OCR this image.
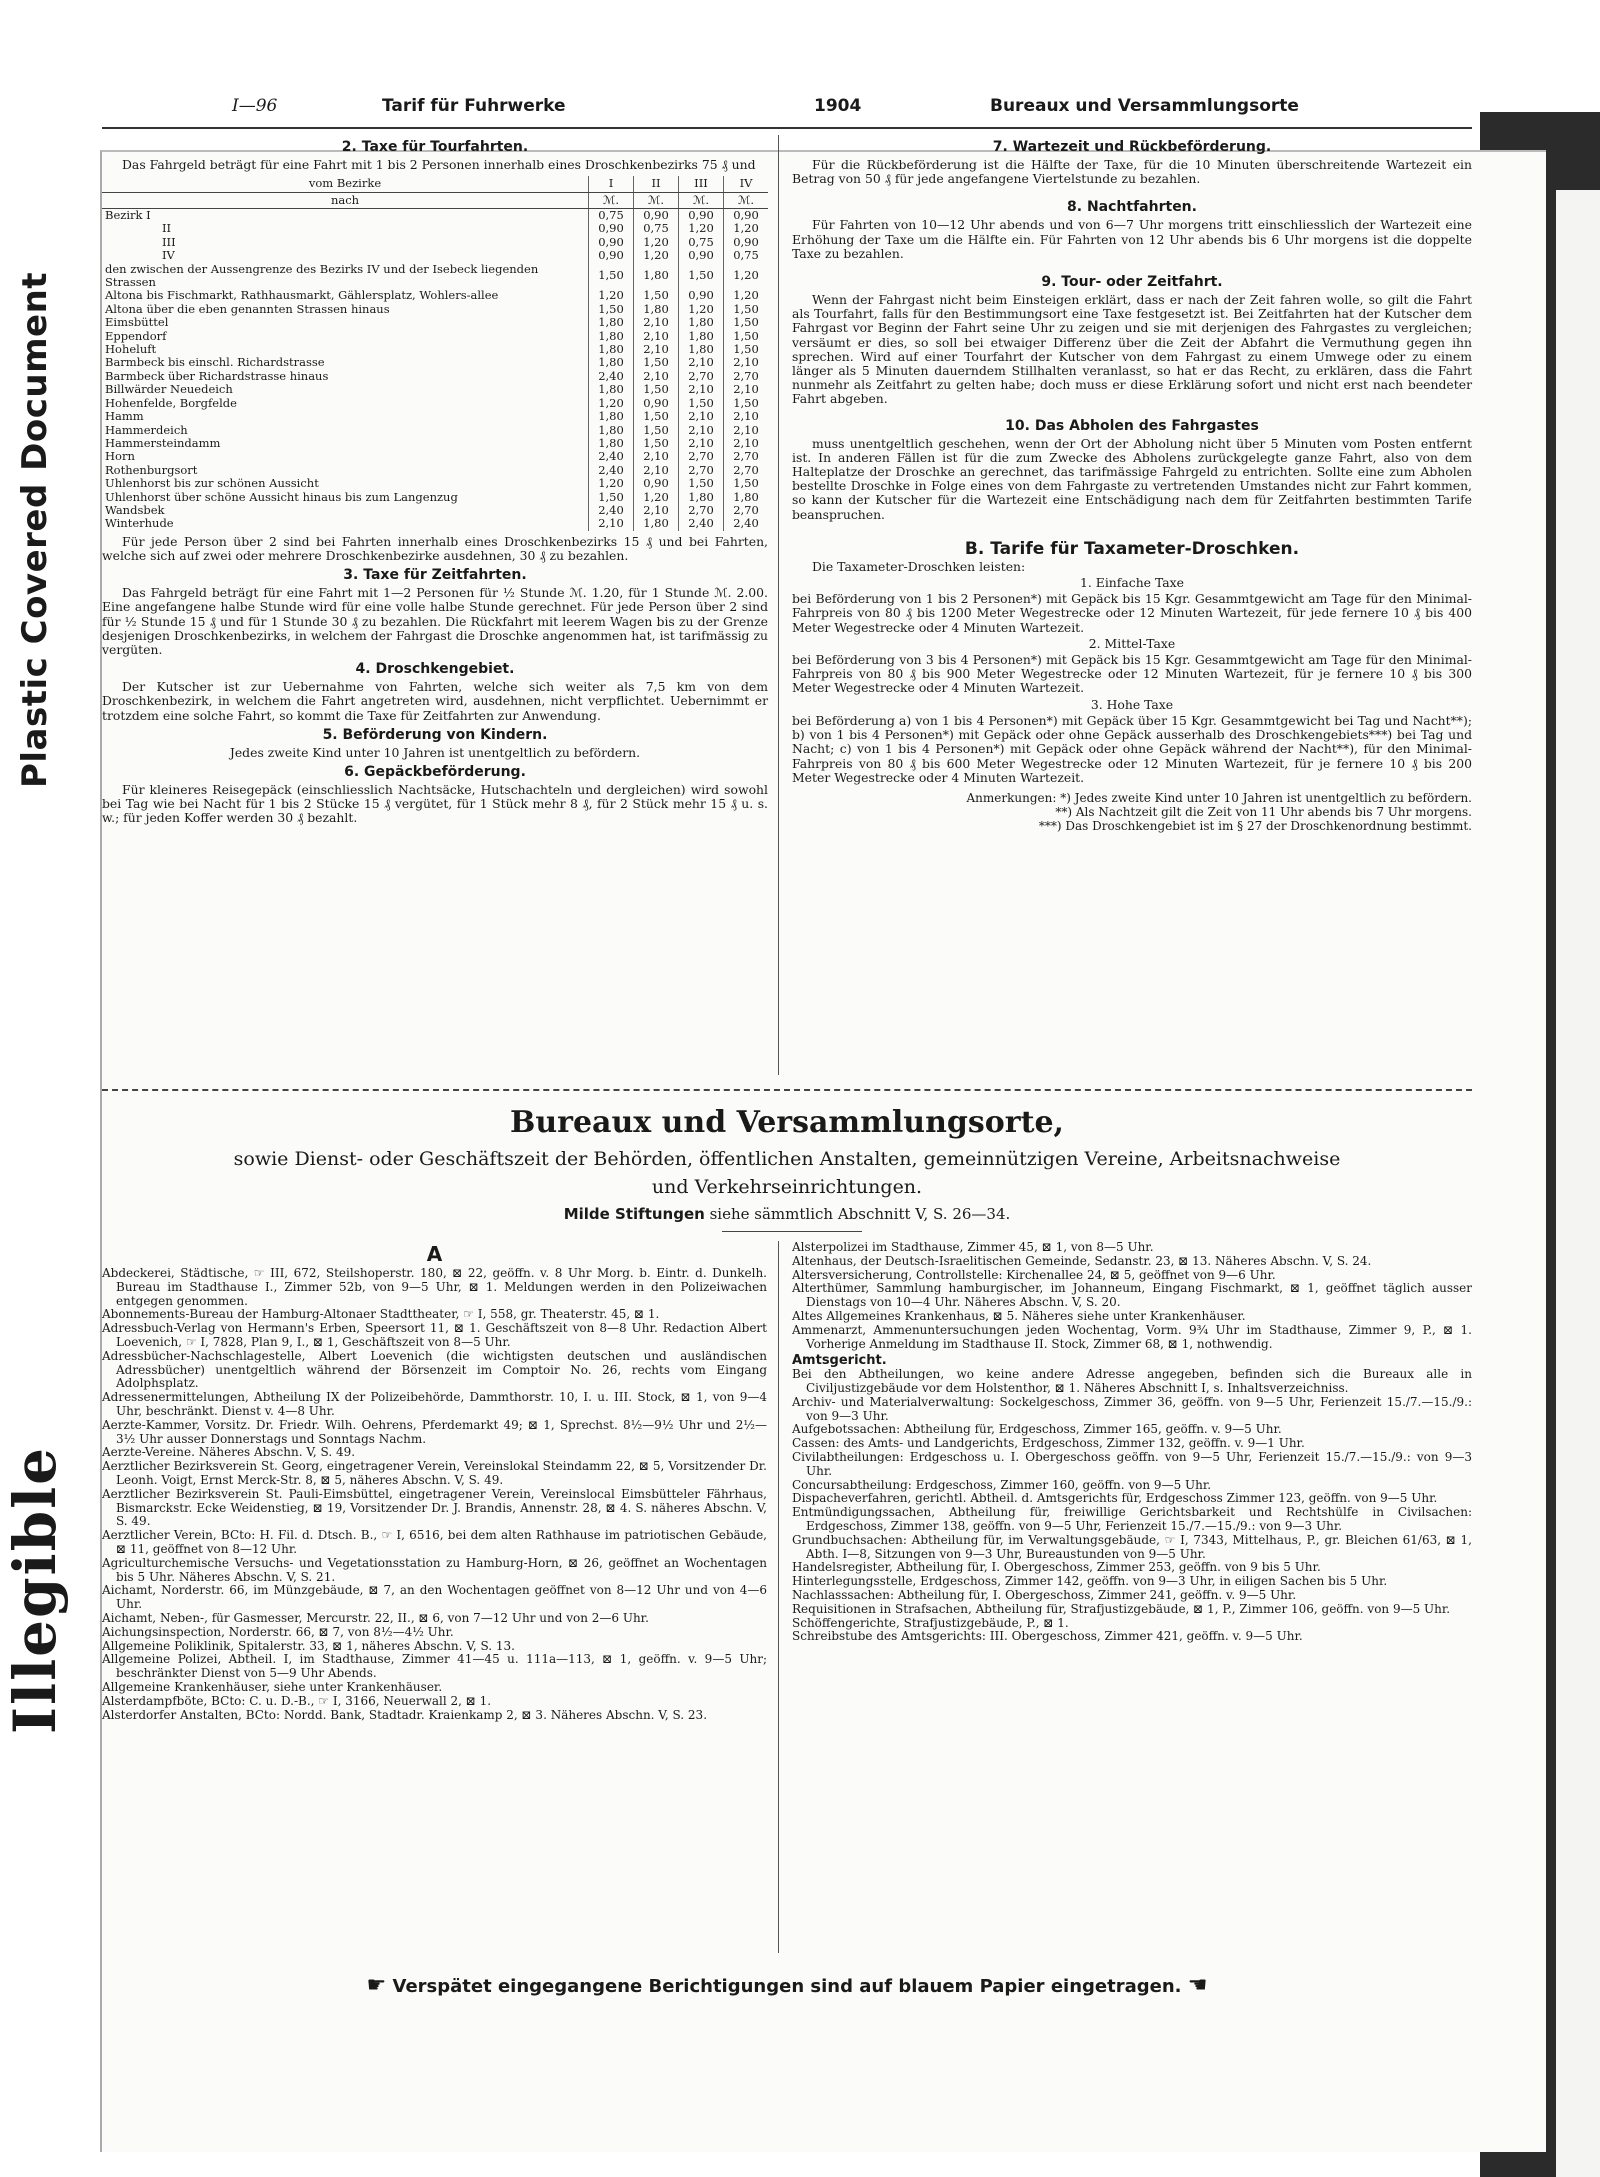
Plastic Covered Document
Illegible
I—96	Tarif für Fuhrwerke	1904	Bureaux und Versammlungsorte
2. Taxe für Tourfahrten.

Das Fahrgeld beträgt für eine Fahrt mit 1 bis 2 Personen innerhalb eines Droschkenbezirks 75 ₰ und

vom Bezirke	I	II	III	IV
nach	ℳ.	ℳ.	ℳ.	ℳ.
Bezirk I	0,75	0,90	0,90	0,90
II	0,90	0,75	1,20	1,20
III	0,90	1,20	0,75	0,90
IV	0,90	1,20	0,90	0,75
den zwischen der Aussengrenze des Bezirks IV und der Isebeck liegenden Strassen	1,50	1,80	1,50	1,20
Altona bis Fischmarkt, Rathhausmarkt, Gählersplatz, Wohlers-allee	1,20	1,50	0,90	1,20
Altona über die eben genannten Strassen hinaus	1,50	1,80	1,20	1,50
Eimsbüttel	1,80	2,10	1,80	1,50
Eppendorf	1,80	2,10	1,80	1,50
Hoheluft	1,80	2,10	1,80	1,50
Barmbeck bis einschl. Richardstrasse	1,80	1,50	2,10	2,10
Barmbeck über Richardstrasse hinaus	2,40	2,10	2,70	2,70
Billwärder Neuedeich	1,80	1,50	2,10	2,10
Hohenfelde, Borgfelde	1,20	0,90	1,50	1,50
Hamm	1,80	1,50	2,10	2,10
Hammerdeich	1,80	1,50	2,10	2,10
Hammersteindamm	1,80	1,50	2,10	2,10
Horn	2,40	2,10	2,70	2,70
Rothenburgsort	2,40	2,10	2,70	2,70
Uhlenhorst bis zur schönen Aussicht	1,20	0,90	1,50	1,50
Uhlenhorst über schöne Aussicht hinaus bis zum Langenzug	1,50	1,20	1,80	1,80
Wandsbek	2,40	2,10	2,70	2,70
Winterhude	2,10	1,80	2,40	2,40

Für jede Person über 2 sind bei Fahrten innerhalb eines Droschkenbezirks 15 ₰ und bei Fahrten, welche sich auf zwei oder mehrere Droschkenbezirke ausdehnen, 30 ₰ zu bezahlen.

3. Taxe für Zeitfahrten.

Das Fahrgeld beträgt für eine Fahrt mit 1—2 Personen für ½ Stunde ℳ. 1.20, für 1 Stunde ℳ. 2.00. Eine angefangene halbe Stunde wird für eine volle halbe Stunde gerechnet. Für jede Person über 2 sind für ½ Stunde 15 ₰ und für 1 Stunde 30 ₰ zu bezahlen. Die Rückfahrt mit leerem Wagen bis zu der Grenze desjenigen Droschkenbezirks, in welchem der Fahrgast die Droschke angenommen hat, ist tarifmässig zu vergüten.

4. Droschkengebiet.

Der Kutscher ist zur Uebernahme von Fahrten, welche sich weiter als 7,5 km von dem Droschkenbezirk, in welchem die Fahrt angetreten wird, ausdehnen, nicht verpflichtet. Uebernimmt er trotzdem eine solche Fahrt, so kommt die Taxe für Zeitfahrten zur Anwendung.

5. Beförderung von Kindern.

Jedes zweite Kind unter 10 Jahren ist unentgeltlich zu befördern.

6. Gepäckbeförderung.

Für kleineres Reisegepäck (einschliesslich Nachtsäcke, Hutschachteln und dergleichen) wird sowohl bei Tag wie bei Nacht für 1 bis 2 Stücke 15 ₰ vergütet, für 1 Stück mehr 8 ₰, für 2 Stück mehr 15 ₰ u. s. w.; für jeden Koffer werden 30 ₰ bezahlt.

7. Wartezeit und Rückbeförderung.

Für die Rückbeförderung ist die Hälfte der Taxe, für die 10 Minuten überschreitende Wartezeit ein Betrag von 50 ₰ für jede angefangene Viertelstunde zu bezahlen.

8. Nachtfahrten.

Für Fahrten von 10—12 Uhr abends und von 6—7 Uhr morgens tritt einschliesslich der Wartezeit eine Erhöhung der Taxe um die Hälfte ein. Für Fahrten von 12 Uhr abends bis 6 Uhr morgens ist die doppelte Taxe zu bezahlen.

9. Tour- oder Zeitfahrt.

Wenn der Fahrgast nicht beim Einsteigen erklärt, dass er nach der Zeit fahren wolle, so gilt die Fahrt als Tourfahrt, falls für den Bestimmungsort eine Taxe festgesetzt ist. Bei Zeitfahrten hat der Kutscher dem Fahrgast vor Beginn der Fahrt seine Uhr zu zeigen und sie mit derjenigen des Fahrgastes zu vergleichen; versäumt er dies, so soll bei etwaiger Differenz über die Zeit der Abfahrt die Vermuthung gegen ihn sprechen. Wird auf einer Tourfahrt der Kutscher von dem Fahrgast zu einem Umwege oder zu einem länger als 5 Minuten dauerndem Stillhalten veranlasst, so hat er das Recht, zu erklären, dass die Fahrt nunmehr als Zeitfahrt zu gelten habe; doch muss er diese Erklärung sofort und nicht erst nach beendeter Fahrt abgeben.

10. Das Abholen des Fahrgastes

muss unentgeltlich geschehen, wenn der Ort der Abholung nicht über 5 Minuten vom Posten entfernt ist. In anderen Fällen ist für die zum Zwecke des Abholens zurückgelegte ganze Fahrt, also von dem Halteplatze der Droschke an gerechnet, das tarifmässige Fahrgeld zu entrichten. Sollte eine zum Abholen bestellte Droschke in Folge eines von dem Fahrgaste zu vertretenden Umstandes nicht zur Fahrt kommen, so kann der Kutscher für die Wartezeit eine Entschädigung nach dem für Zeitfahrten bestimmten Tarife beanspruchen.

B. Tarife für Taxameter-Droschken.

Die Taxameter-Droschken leisten:

1. Einfache Taxe

bei Beförderung von 1 bis 2 Personen*) mit Gepäck bis 15 Kgr. Gesammtgewicht am Tage für den Minimal-Fahrpreis von 80 ₰ bis 1200 Meter Wegestrecke oder 12 Minuten Wartezeit, für jede fernere 10 ₰ bis 400 Meter Wegestrecke oder 4 Minuten Wartezeit.

2. Mittel-Taxe

bei Beförderung von 3 bis 4 Personen*) mit Gepäck bis 15 Kgr. Gesammtgewicht am Tage für den Minimal-Fahrpreis von 80 ₰ bis 900 Meter Wegestrecke oder 12 Minuten Wartezeit, für je fernere 10 ₰ bis 300 Meter Wegestrecke oder 4 Minuten Wartezeit.

3. Hohe Taxe

bei Beförderung a) von 1 bis 4 Personen*) mit Gepäck über 15 Kgr. Gesammtgewicht bei Tag und Nacht**); b) von 1 bis 4 Personen*) mit Gepäck oder ohne Gepäck ausserhalb des Droschkengebiets***) bei Tag und Nacht; c) von 1 bis 4 Personen*) mit Gepäck oder ohne Gepäck während der Nacht**), für den Minimal-Fahrpreis von 80 ₰ bis 600 Meter Wegestrecke oder 12 Minuten Wartezeit, für je fernere 10 ₰ bis 200 Meter Wegestrecke oder 4 Minuten Wartezeit.

Anmerkungen: *) Jedes zweite Kind unter 10 Jahren ist unentgeltlich zu befördern.
**) Als Nachtzeit gilt die Zeit von 11 Uhr abends bis 7 Uhr morgens.
***) Das Droschkengebiet ist im § 27 der Droschkenordnung bestimmt.
Bureaux und Versammlungsorte,
sowie Dienst- oder Geschäftszeit der Behörden, öffentlichen Anstalten, gemeinnützigen Vereine, Arbeitsnachweise
und Verkehrseinrichtungen.
Milde Stiftungen siehe sämmtlich Abschnitt V, S. 26—34.
A

Abdeckerei, Städtische, ☞ III, 672, Steilshoperstr. 180, ⊠ 22, geöffn. v. 8 Uhr Morg. b. Eintr. d. Dunkelh. Bureau im Stadthause I., Zimmer 52b, von 9—5 Uhr, ⊠ 1. Meldungen werden in den Polizeiwachen entgegen genommen.

Abonnements-Bureau der Hamburg-Altonaer Stadttheater, ☞ I, 558, gr. Theaterstr. 45, ⊠ 1.

Adressbuch-Verlag von Hermann's Erben, Speersort 11, ⊠ 1. Geschäftszeit von 8—8 Uhr. Redaction Albert Loevenich, ☞ I, 7828, Plan 9, I., ⊠ 1, Geschäftszeit von 8—5 Uhr.

Adressbücher-Nachschlagestelle, Albert Loevenich (die wichtigsten deutschen und ausländischen Adressbücher) unentgeltlich während der Börsenzeit im Comptoir No. 26, rechts vom Eingang Adolphsplatz.

Adressenermittelungen, Abtheilung IX der Polizeibehörde, Dammthorstr. 10, I. u. III. Stock, ⊠ 1, von 9—4 Uhr, beschränkt. Dienst v. 4—8 Uhr.

Aerzte-Kammer, Vorsitz. Dr. Friedr. Wilh. Oehrens, Pferdemarkt 49; ⊠ 1, Sprechst. 8½—9½ Uhr und 2½—3½ Uhr ausser Donnerstags und Sonntags Nachm.

Aerzte-Vereine. Näheres Abschn. V, S. 49.

Aerztlicher Bezirksverein St. Georg, eingetragener Verein, Vereinslokal Steindamm 22, ⊠ 5, Vorsitzender Dr. Leonh. Voigt, Ernst Merck-Str. 8, ⊠ 5, näheres Abschn. V, S. 49.

Aerztlicher Bezirksverein St. Pauli-Eimsbüttel, eingetragener Verein, Vereinslocal Eimsbütteler Fährhaus, Bismarckstr. Ecke Weidenstieg, ⊠ 19, Vorsitzender Dr. J. Brandis, Annenstr. 28, ⊠ 4. S. näheres Abschn. V, S. 49.

Aerztlicher Verein, BCto: H. Fil. d. Dtsch. B., ☞ I, 6516, bei dem alten Rathhause im patriotischen Gebäude, ⊠ 11, geöffnet von 8—12 Uhr.

Agriculturchemische Versuchs- und Vegetationsstation zu Hamburg-Horn, ⊠ 26, geöffnet an Wochentagen bis 5 Uhr. Näheres Abschn. V, S. 21.

Aichamt, Norderstr. 66, im Münzgebäude, ⊠ 7, an den Wochentagen geöffnet von 8—12 Uhr und von 4—6 Uhr.

Aichamt, Neben-, für Gasmesser, Mercurstr. 22, II., ⊠ 6, von 7—12 Uhr und von 2—6 Uhr.

Aichungsinspection, Norderstr. 66, ⊠ 7, von 8½—4½ Uhr.

Allgemeine Poliklinik, Spitalerstr. 33, ⊠ 1, näheres Abschn. V, S. 13.

Allgemeine Polizei, Abtheil. I, im Stadthause, Zimmer 41—45 u. 111a—113, ⊠ 1, geöffn. v. 9—5 Uhr; beschränkter Dienst von 5—9 Uhr Abends.

Allgemeine Krankenhäuser, siehe unter Krankenhäuser.

Alsterdampfböte, BCto: C. u. D.-B., ☞ I, 3166, Neuerwall 2, ⊠ 1.

Alsterdorfer Anstalten, BCto: Nordd. Bank, Stadtadr. Kraienkamp 2, ⊠ 3. Näheres Abschn. V, S. 23.

Alsterpolizei im Stadthause, Zimmer 45, ⊠ 1, von 8—5 Uhr.

Altenhaus, der Deutsch-Israelitischen Gemeinde, Sedanstr. 23, ⊠ 13. Näheres Abschn. V, S. 24.

Altersversicherung, Controllstelle: Kirchenallee 24, ⊠ 5, geöffnet von 9—6 Uhr.

Alterthümer, Sammlung hamburgischer, im Johanneum, Eingang Fischmarkt, ⊠ 1, geöffnet täglich ausser Dienstags von 10—4 Uhr. Näheres Abschn. V, S. 20.

Altes Allgemeines Krankenhaus, ⊠ 5. Näheres siehe unter Krankenhäuser.

Ammenarzt, Ammenuntersuchungen jeden Wochentag, Vorm. 9¾ Uhr im Stadthause, Zimmer 9, P., ⊠ 1. Vorherige Anmeldung im Stadthause II. Stock, Zimmer 68, ⊠ 1, nothwendig.

Amtsgericht.

Bei den Abtheilungen, wo keine andere Adresse angegeben, befinden sich die Bureaux alle in Civiljustizgebäude vor dem Holstenthor, ⊠ 1. Näheres Abschnitt I, s. Inhaltsverzeichniss.

Archiv- und Materialverwaltung: Sockelgeschoss, Zimmer 36, geöffn. von 9—5 Uhr, Ferienzeit 15./7.—15./9.: von 9—3 Uhr.

Aufgebotssachen: Abtheilung für, Erdgeschoss, Zimmer 165, geöffn. v. 9—5 Uhr.

Cassen: des Amts- und Landgerichts, Erdgeschoss, Zimmer 132, geöffn. v. 9—1 Uhr.

Civilabtheilungen: Erdgeschoss u. I. Obergeschoss geöffn. von 9—5 Uhr, Ferienzeit 15./7.—15./9.: von 9—3 Uhr.

Concursabtheilung: Erdgeschoss, Zimmer 160, geöffn. von 9—5 Uhr.

Dispacheverfahren, gerichtl. Abtheil. d. Amtsgerichts für, Erdgeschoss Zimmer 123, geöffn. von 9—5 Uhr.

Entmündigungssachen, Abtheilung für, freiwillige Gerichtsbarkeit und Rechtshülfe in Civilsachen: Erdgeschoss, Zimmer 138, geöffn. von 9—5 Uhr, Ferienzeit 15./7.—15./9.: von 9—3 Uhr.

Grundbuchsachen: Abtheilung für, im Verwaltungsgebäude, ☞ I, 7343, Mittelhaus, P., gr. Bleichen 61/63, ⊠ 1, Abth. I—8, Sitzungen von 9—3 Uhr, Bureaustunden von 9—5 Uhr.

Handelsregister, Abtheilung für, I. Obergeschoss, Zimmer 253, geöffn. von 9 bis 5 Uhr.

Hinterlegungsstelle, Erdgeschoss, Zimmer 142, geöffn. von 9—3 Uhr, in eiligen Sachen bis 5 Uhr.

Nachlasssachen: Abtheilung für, I. Obergeschoss, Zimmer 241, geöffn. v. 9—5 Uhr.

Requisitionen in Strafsachen, Abtheilung für, Strafjustizgebäude, ⊠ 1, P., Zimmer 106, geöffn. von 9—5 Uhr.

Schöffengerichte, Strafjustizgebäude, P., ⊠ 1.

Schreibstube des Amtsgerichts: III. Obergeschoss, Zimmer 421, geöffn. v. 9—5 Uhr.

☛ Verspätet eingegangene Berichtigungen sind auf blauem Papier eingetragen. ☚
